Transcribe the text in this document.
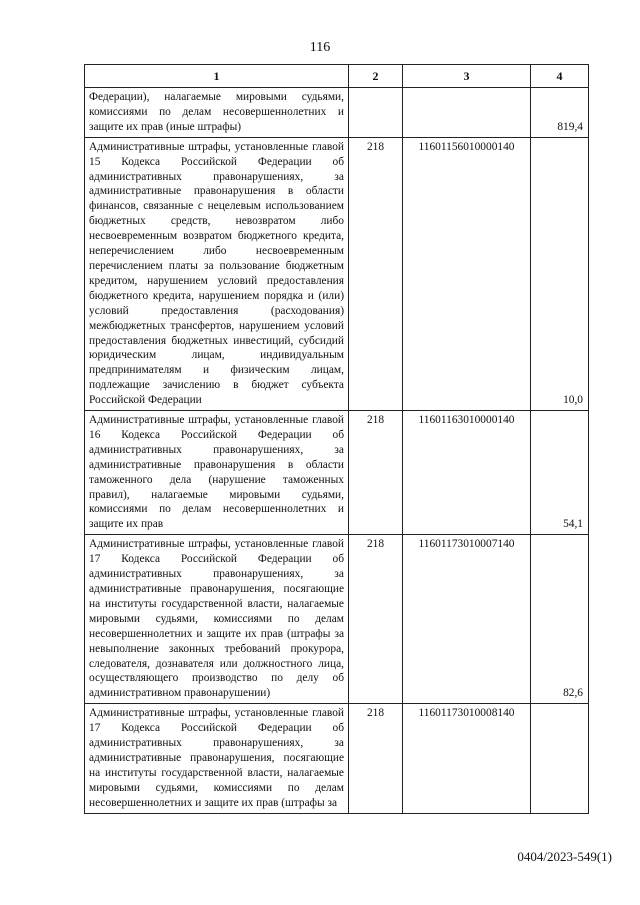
116
1	2	3	4
Федерации), налагаемые мировыми судьями, комиссиями по делам несовершеннолетних и защите их прав (иные штрафы)			819,4
Административные штрафы, установленные главой 15 Кодекса Российской Федерации об административных правонарушениях, за административные правонарушения в области финансов, связанные с нецелевым использованием бюджетных средств, невозвратом либо несвоевременным возвратом бюджетного кредита, неперечислением либо несвоевременным перечислением платы за пользование бюджетным кредитом, нарушением условий предоставления бюджетного кредита, нарушением порядка и (или) условий предоставления (расходования) межбюджетных трансфертов, нарушением условий предоставления бюджетных инвестиций, субсидий юридическим лицам, индивидуальным предпринимателям и физическим лицам, подлежащие зачислению в бюджет субъекта Российской Федерации	218	11601156010000140	10,0
Административные штрафы, установленные главой 16 Кодекса Российской Федерации об административных правонарушениях, за административные правонарушения в области таможенного дела (нарушение таможенных правил), налагаемые мировыми судьями, комиссиями по делам несовершеннолетних и защите их прав	218	11601163010000140	54,1
Административные штрафы, установленные главой 17 Кодекса Российской Федерации об административных правонарушениях, за административные правонарушения, посягающие на институты государственной власти, налагаемые мировыми судьями, комиссиями по делам несовершеннолетних и защите их прав (штрафы за невыполнение законных требований прокурора, следователя, дознавателя или должностного лица, осуществляющего производство по делу об административном правонарушении)	218	11601173010007140	82,6
Административные штрафы, установленные главой 17 Кодекса Российской Федерации об административных правонарушениях, за административные правонарушения, посягающие на институты государственной власти, налагаемые мировыми судьями, комиссиями по делам несовершеннолетних и защите их прав (штрафы за	218	11601173010008140	
0404/2023-549(1)
